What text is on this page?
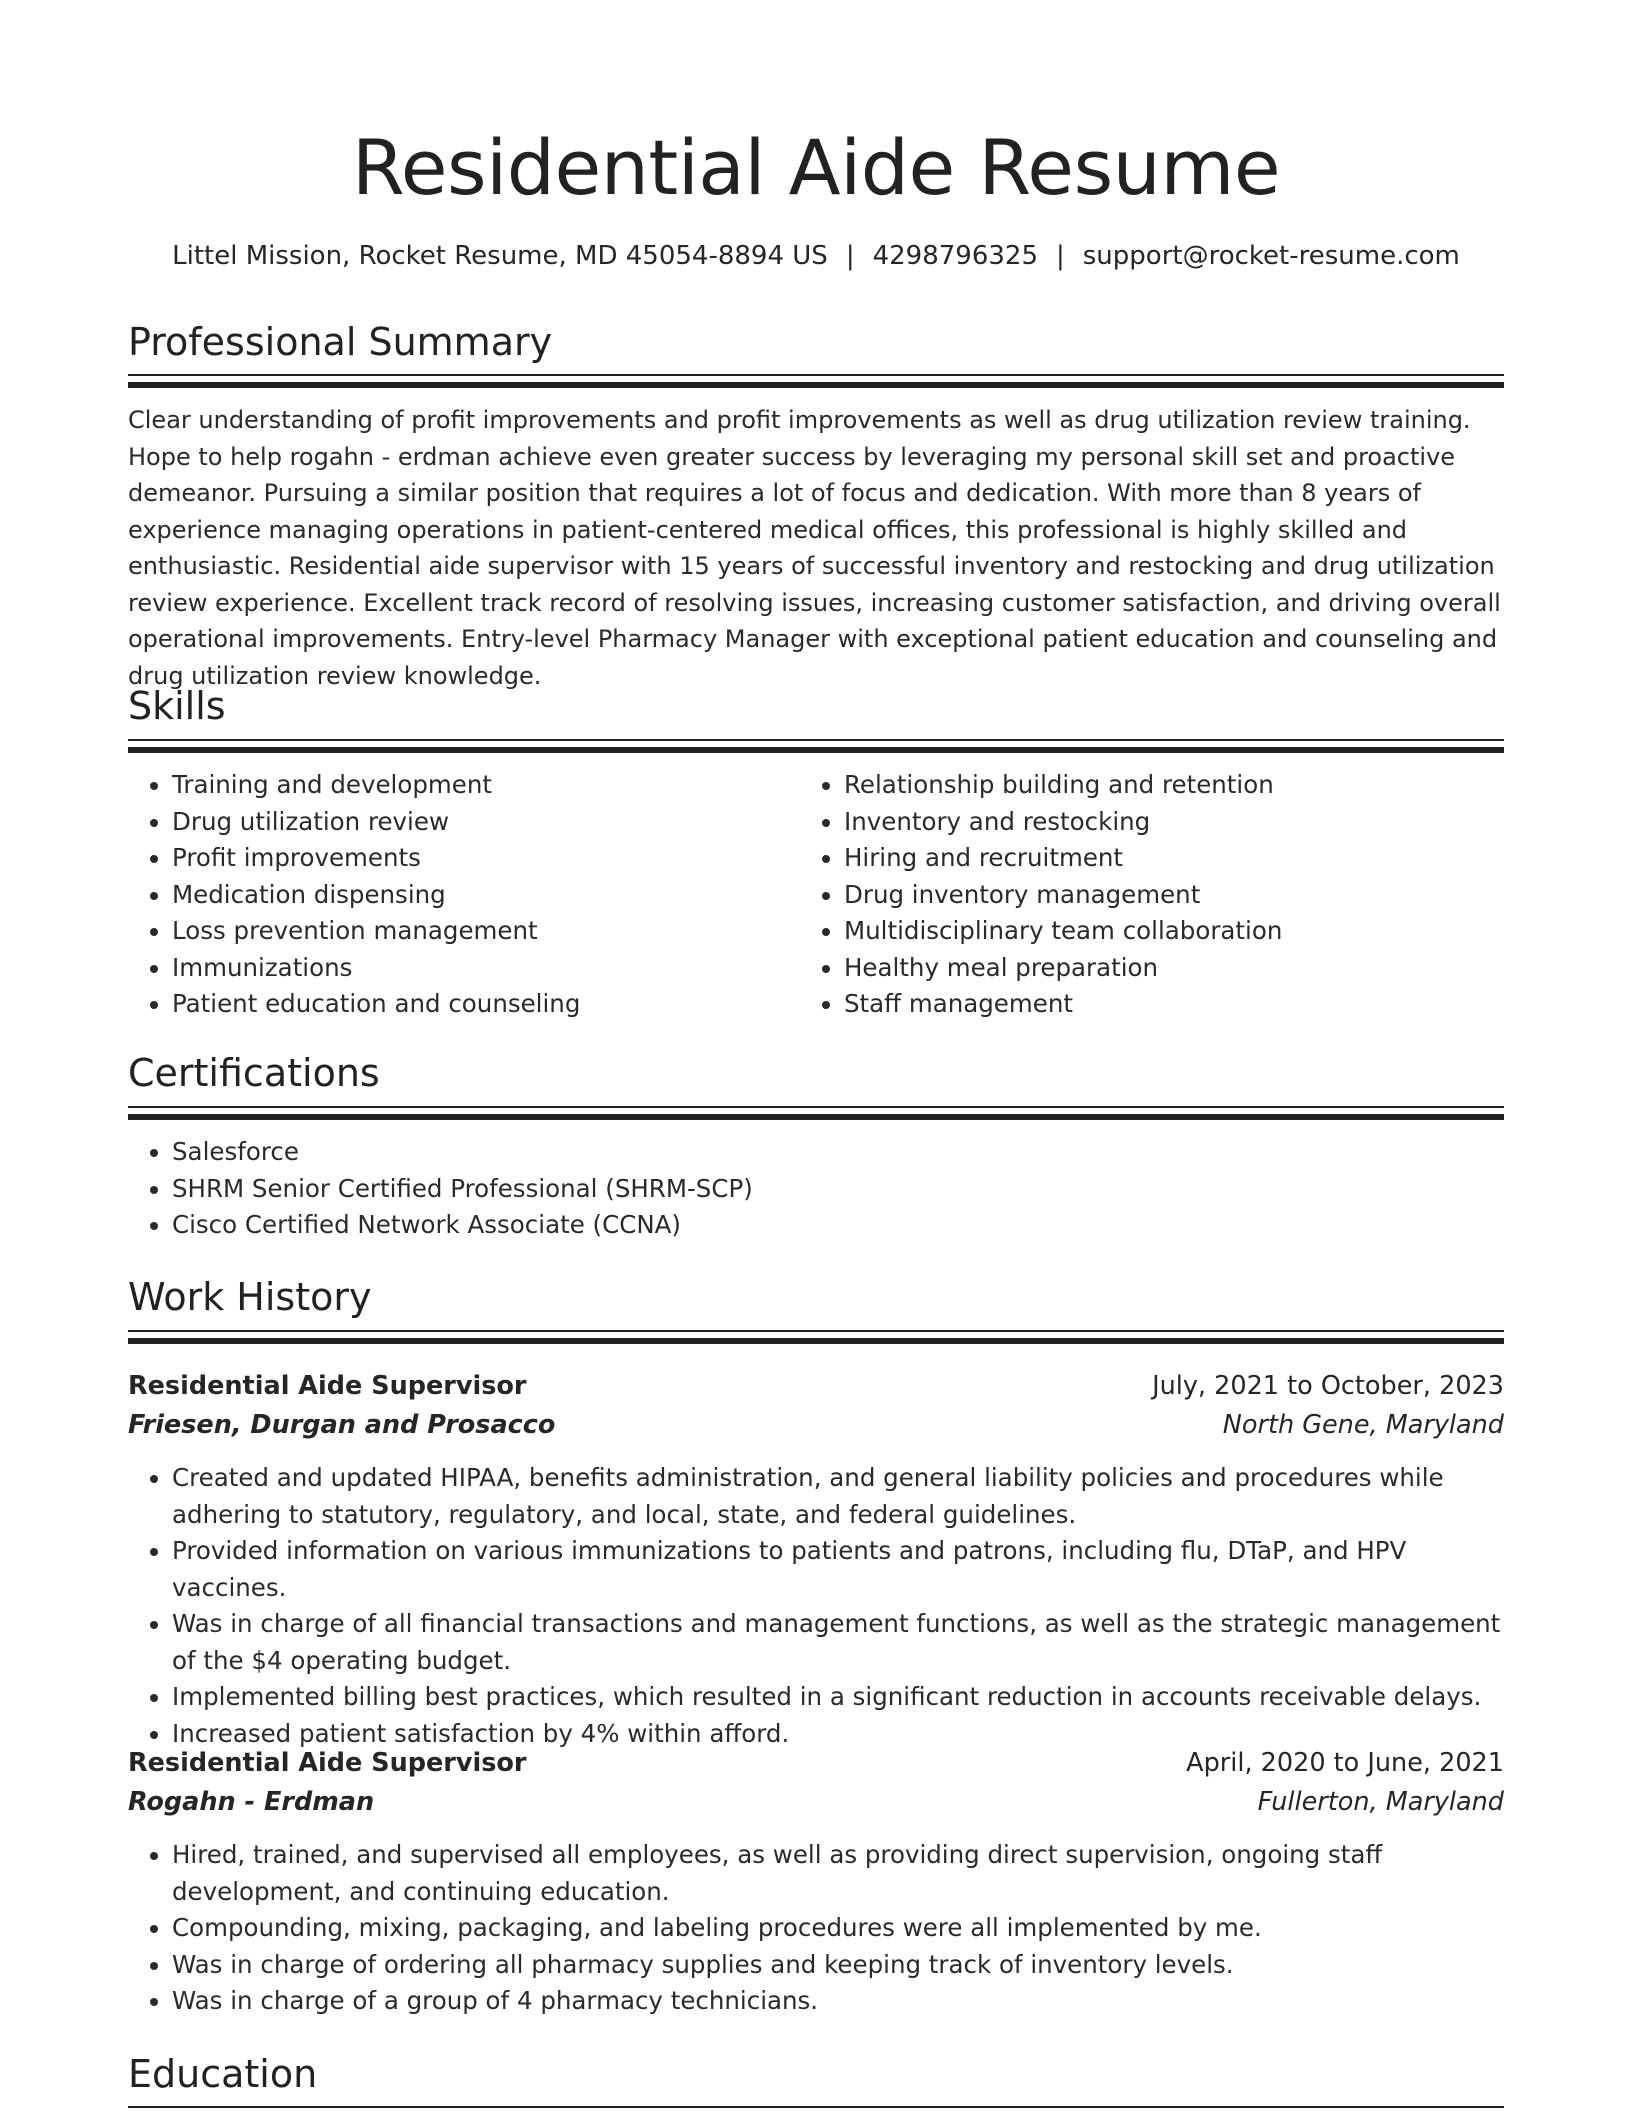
Residential Aide Resume
Littel Mission, Rocket Resume, MD 45054-8894 US | 4298796325 | support@rocket-resume.com
Professional Summary

Clear understanding of profit improvements and profit improvements as well as drug utilization review training. Hope to help rogahn - erdman achieve even greater success by leveraging my personal skill set and proactive demeanor. Pursuing a similar position that requires a lot of focus and dedication. With more than 8 years of experience managing operations in patient-centered medical offices, this professional is highly skilled and enthusiastic. Residential aide supervisor with 15 years of successful inventory and restocking and drug utilization review experience. Excellent track record of resolving issues, increasing customer satisfaction, and driving overall operational improvements. Entry-level Pharmacy Manager with exceptional patient education and counseling and drug utilization review knowledge.

Skills
• Training and development
• Drug utilization review
• Profit improvements
• Medication dispensing
• Loss prevention management
• Immunizations
• Patient education and counseling
• Relationship building and retention
• Inventory and restocking
• Hiring and recruitment
• Drug inventory management
• Multidisciplinary team collaboration
• Healthy meal preparation
• Staff management
Certifications
• Salesforce
• SHRM Senior Certified Professional (SHRM-SCP)
• Cisco Certified Network Associate (CCNA)
Work History
Residential Aide Supervisor	July, 2021 to October, 2023
Friesen, Durgan and Prosacco	North Gene, Maryland
• Created and updated HIPAA, benefits administration, and general liability policies and procedures while adhering to statutory, regulatory, and local, state, and federal guidelines.
• Provided information on various immunizations to patients and patrons, including flu, DTaP, and HPV vaccines.
• Was in charge of all financial transactions and management functions, as well as the strategic management of the $4 operating budget.
• Implemented billing best practices, which resulted in a significant reduction in accounts receivable delays.
• Increased patient satisfaction by 4% within afford.
Residential Aide Supervisor	April, 2020 to June, 2021
Rogahn - Erdman	Fullerton, Maryland
• Hired, trained, and supervised all employees, as well as providing direct supervision, ongoing staff development, and continuing education.
• Compounding, mixing, packaging, and labeling procedures were all implemented by me.
• Was in charge of ordering all pharmacy supplies and keeping track of inventory levels.
• Was in charge of a group of 4 pharmacy technicians.
Education
